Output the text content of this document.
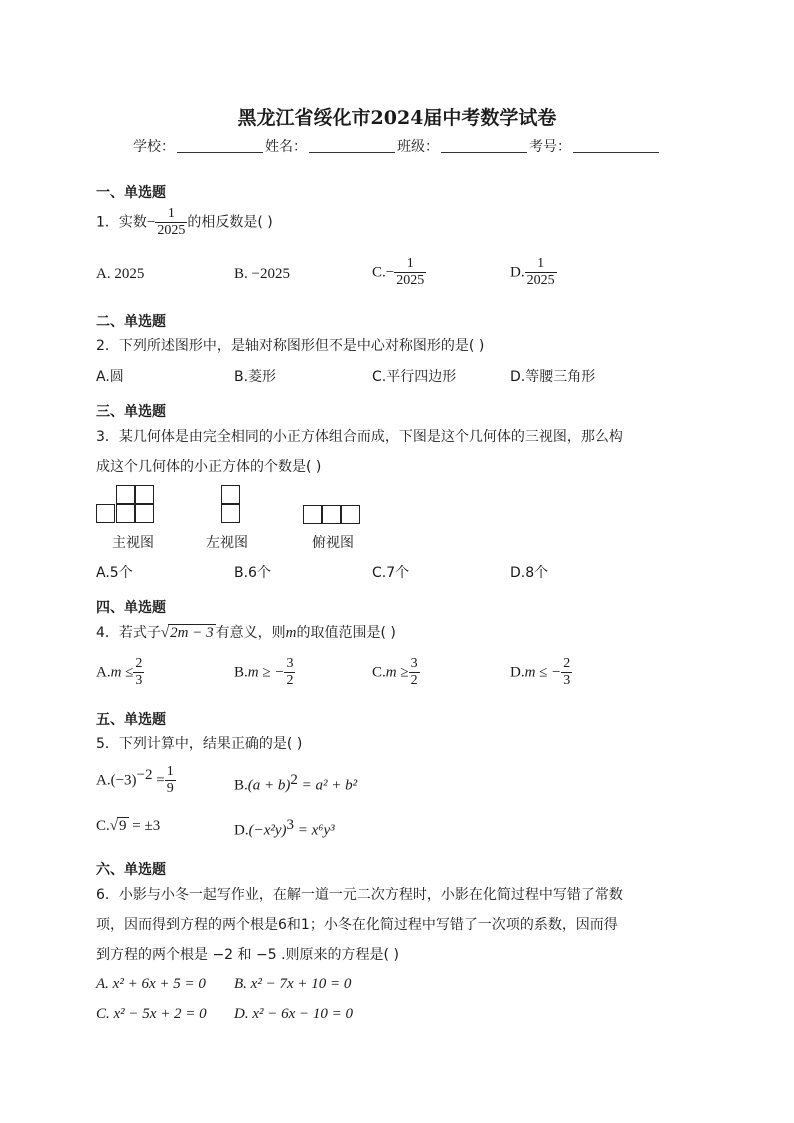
黑龙江省绥化市2024届中考数学试卷
学校：	姓名：	班级：	考号：
一、单选题
1．实数− $\frac{1}{2025}$ 的相反数是( )
A. 2025	B. −2025	$C.- \frac{1}{2025}$	D. $\frac{1}{2025}$
二、单选题
2．下列所述图形中，是轴对称图形但不是中心对称图形的是( )
A.圆	B.菱形	C.平行四边形	D.等腰三角形
三、单选题
3．某几何体是由完全相同的小正方体组合而成，下图是这个几何体的三视图，那么构
成这个几何体的小正方体的个数是( )
主视图	左视图	俯视图
A.5个	B.6个	C.7个	D.8个
四、单选题
4．若式子√2m − 3 有意义，则m的取值范围是( )
$A.m \le \frac{2}{3}$	B.m ≥ − $\frac{3}{2}$	$C.m \ge \frac{3}{2}$	D.m ≤ − $\frac{2}{3}$
五、单选题
5．下列计算中，结果正确的是( )
$A.(-3)^{-2} = \frac{1}{9}$	$B.(a + b)^2 = a^2 + b^2$
C.√9 = ±3	$D.(-x^2y)^3 = x^6y^3$
六、单选题
6．小影与小冬一起写作业，在解一道一元二次方程时，小影在化简过程中写错了常数
项，因而得到方程的两个根是6和1；小冬在化简过程中写错了一次项的系数，因而得
到方程的两个根是 −2 和 −5 .则原来的方程是( )
A. x² + 6x + 5 = 0 B. x² − 7x + 10 = 0
C. x² − 5x + 2 = 0 D. x² − 6x − 10 = 0
